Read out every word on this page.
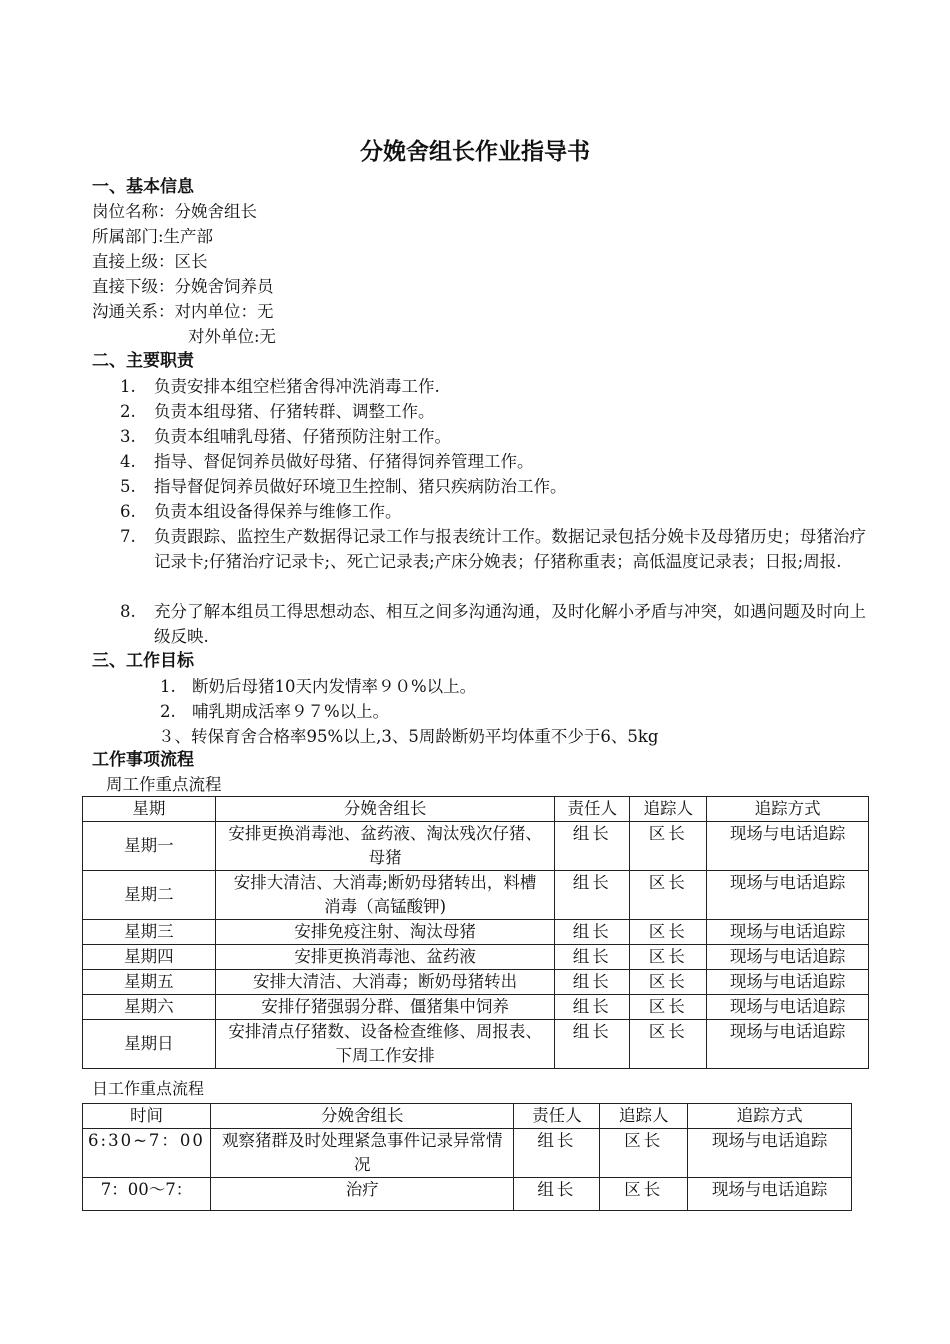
分娩舍组长作业指导书
一、基本信息
岗位名称：分娩舍组长
所属部门:生产部
直接上级：区长
直接下级：分娩舍饲养员
沟通关系：对内单位：无
对外单位:无
二、主要职责
1. 负责安排本组空栏猪舍得冲洗消毒工作.
2. 负责本组母猪、仔猪转群、调整工作。
3. 负责本组哺乳母猪、仔猪预防注射工作。
4. 指导、督促饲养员做好母猪、仔猪得饲养管理工作。
5. 指导督促饲养员做好环境卫生控制、猪只疾病防治工作。
6. 负责本组设备得保养与维修工作。
7. 负责跟踪、监控生产数据得记录工作与报表统计工作。数据记录包括分娩卡及母猪历史；母猪治疗记录卡;仔猪治疗记录卡;、死亡记录表;产床分娩表；仔猪称重表；高低温度记录表；日报;周报.
8. 充分了解本组员工得思想动态、相互之间多沟通沟通，及时化解小矛盾与冲突，如遇问题及时向上级反映.
三、工作目标
1. 断奶后母猪10天内发情率９０%以上。
2. 哺乳期成活率９７%以上。
３、转保育舍合格率95%以上,3、5周龄断奶平均体重不少于6、5kg
工作事项流程
周工作重点流程
星期	分娩舍组长	责任人	追踪人	追踪方式
星期一	安排更换消毒池、盆药液、淘汰残次仔猪、母猪	组长	区长	现场与电话追踪
星期二	安排大清洁、大消毒;断奶母猪转出，料槽消毒（高锰酸钾)	组长	区长	现场与电话追踪
星期三	安排免疫注射、淘汰母猪	组长	区长	现场与电话追踪
星期四	安排更换消毒池、盆药液	组长	区长	现场与电话追踪
星期五	安排大清洁、大消毒；断奶母猪转出	组长	区长	现场与电话追踪
星期六	安排仔猪强弱分群、僵猪集中饲养	组长	区长	现场与电话追踪
星期日	安排清点仔猪数、设备检查维修、周报表、下周工作安排	组长	区长	现场与电话追踪
日工作重点流程
时间	分娩舍组长	责任人	追踪人	追踪方式
6:30~7：00	观察猪群及时处理紧急事件记录异常情况	组长	区长	现场与电话追踪
7：00～7：	治疗	组长	区长	现场与电话追踪
